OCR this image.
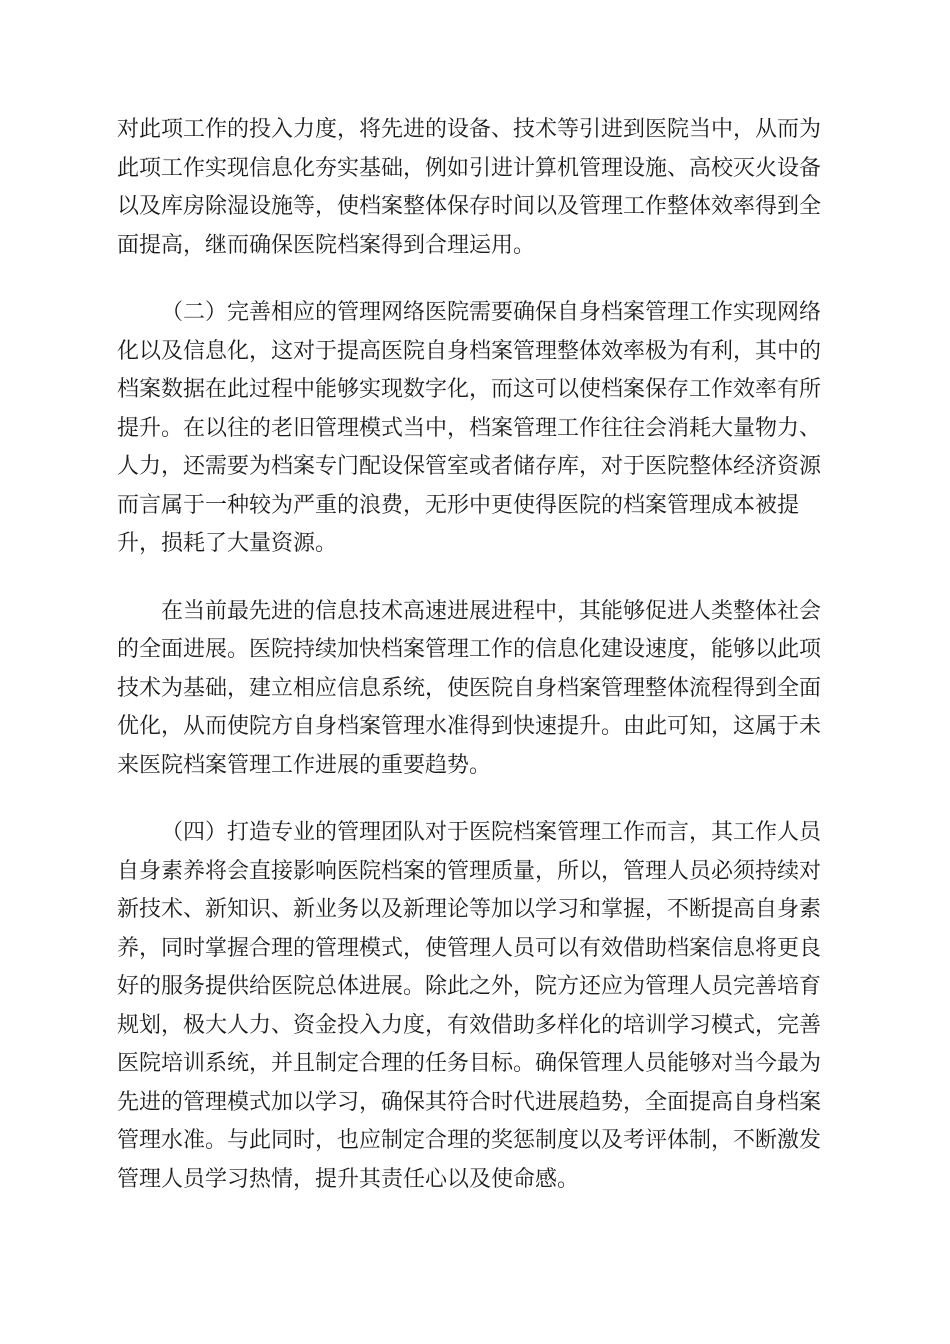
对此项工作的投入力度，将先进的设备、技术等引进到医院当中，从而为
此项工作实现信息化夯实基础，例如引进计算机管理设施、高校灭火设备
以及库房除湿设施等，使档案整体保存时间以及管理工作整体效率得到全
面提高，继而确保医院档案得到合理运用。
（二）完善相应的管理网络医院需要确保自身档案管理工作实现网络
化以及信息化，这对于提高医院自身档案管理整体效率极为有利，其中的
档案数据在此过程中能够实现数字化，而这可以使档案保存工作效率有所
提升。在以往的老旧管理模式当中，档案管理工作往往会消耗大量物力、
人力，还需要为档案专门配设保管室或者储存库，对于医院整体经济资源
而言属于一种较为严重的浪费，无形中更使得医院的档案管理成本被提
升，损耗了大量资源。
在当前最先进的信息技术高速进展进程中，其能够促进人类整体社会
的全面进展。医院持续加快档案管理工作的信息化建设速度，能够以此项
技术为基础，建立相应信息系统，使医院自身档案管理整体流程得到全面
优化，从而使院方自身档案管理水准得到快速提升。由此可知，这属于未
来医院档案管理工作进展的重要趋势。
（四）打造专业的管理团队对于医院档案管理工作而言，其工作人员
自身素养将会直接影响医院档案的管理质量，所以，管理人员必须持续对
新技术、新知识、新业务以及新理论等加以学习和掌握，不断提高自身素
养，同时掌握合理的管理模式，使管理人员可以有效借助档案信息将更良
好的服务提供给医院总体进展。除此之外，院方还应为管理人员完善培育
规划，极大人力、资金投入力度，有效借助多样化的培训学习模式，完善
医院培训系统，并且制定合理的任务目标。确保管理人员能够对当今最为
先进的管理模式加以学习，确保其符合时代进展趋势，全面提高自身档案
管理水准。与此同时，也应制定合理的奖惩制度以及考评体制，不断激发
管理人员学习热情，提升其责任心以及使命感。
